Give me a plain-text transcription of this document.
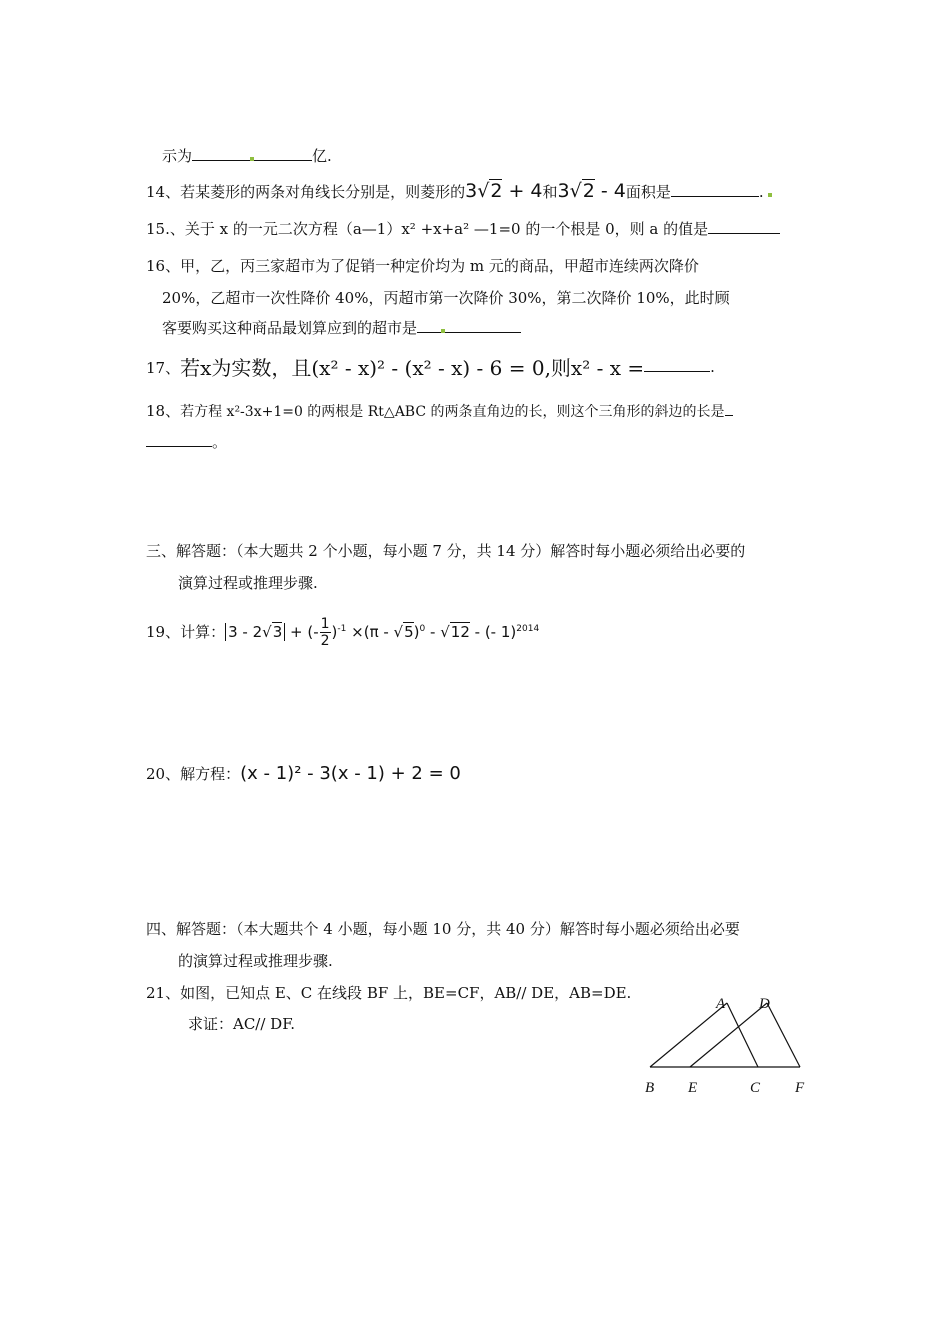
示为	亿.
14、若某菱形的两条对角线长分别是，则菱形的3√2 + 4和3√2 - 4面积是	.
15.、关于 x 的一元二次方程（a—1）x² +x+a² —1=0 的一个根是 0，则 a 的值是
16、甲，乙，丙三家超市为了促销一种定价均为 m 元的商品，甲超市连续两次降价
20%，乙超市一次性降价 40%，丙超市第一次降价 30%，第二次降价 10%，此时顾
客要购买这种商品最划算应到的超市是
17、若x为实数，且(x² - x)² - (x² - x) - 6 = 0,则x² - x =	.
18、若方程 x²-3x+1=0 的两根是 Rt△ABC 的两条直角边的长，则这个三角形的斜边的长是
。
三、解答题：（本大题共 2 个小题，每小题 7 分，共 14 分）解答时每小题必须给出必要的
演算过程或推理步骤.
19、计算： 3 - 2√3 + (- $\frac{1}{2} )^{-1} \times(\pi - √5)^0 - √12$ - (- 1)$^{2014}$
20、解方程：(x - 1)² - 3(x - 1) + 2 = 0
四、解答题：（本大题共个 4 小题，每小题 10 分，共 40 分）解答时每小题必须给出必要
的演算过程或推理步骤.
21、如图，已知点 E、C 在线段 BF 上，BE=CF，AB// DE，AB=DE.
求证：AC// DF.
A D
B E	C F
